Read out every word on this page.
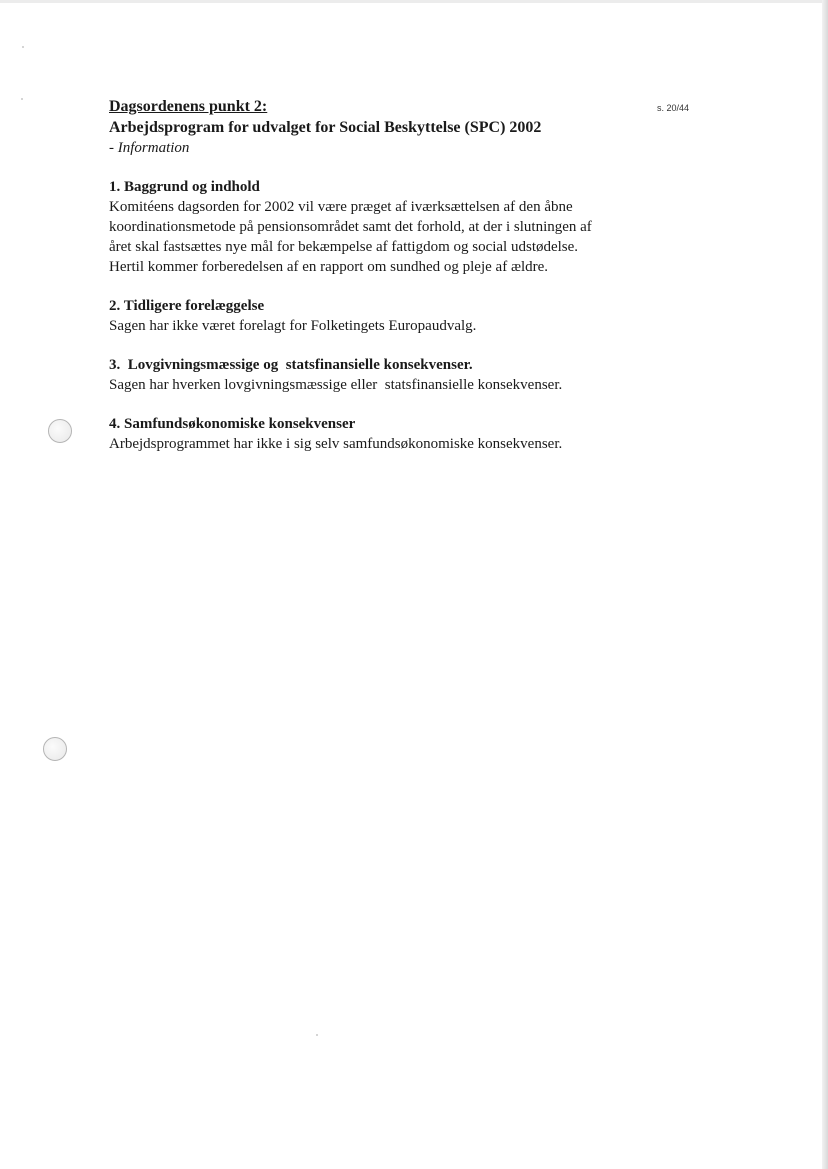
s. 20/44
Dagsordenens punkt 2:
Arbejdsprogram for udvalget for Social Beskyttelse (SPC) 2002
- Information
1. Baggrund og indhold
Komitéens dagsorden for 2002 vil være præget af iværksættelsen af den åbne
koordinationsmetode på pensionsområdet samt det forhold, at der i slutningen af
året skal fastsættes nye mål for bekæmpelse af fattigdom og social udstødelse.
Hertil kommer forberedelsen af en rapport om sundhed og pleje af ældre.
2. Tidligere forelæggelse
Sagen har ikke været forelagt for Folketingets Europaudvalg.
3.  Lovgivningsmæssige og  statsfinansielle konsekvenser.
Sagen har hverken lovgivningsmæssige eller  statsfinansielle konsekvenser.
4. Samfundsøkonomiske konsekvenser
Arbejdsprogrammet har ikke i sig selv samfundsøkonomiske konsekvenser.
